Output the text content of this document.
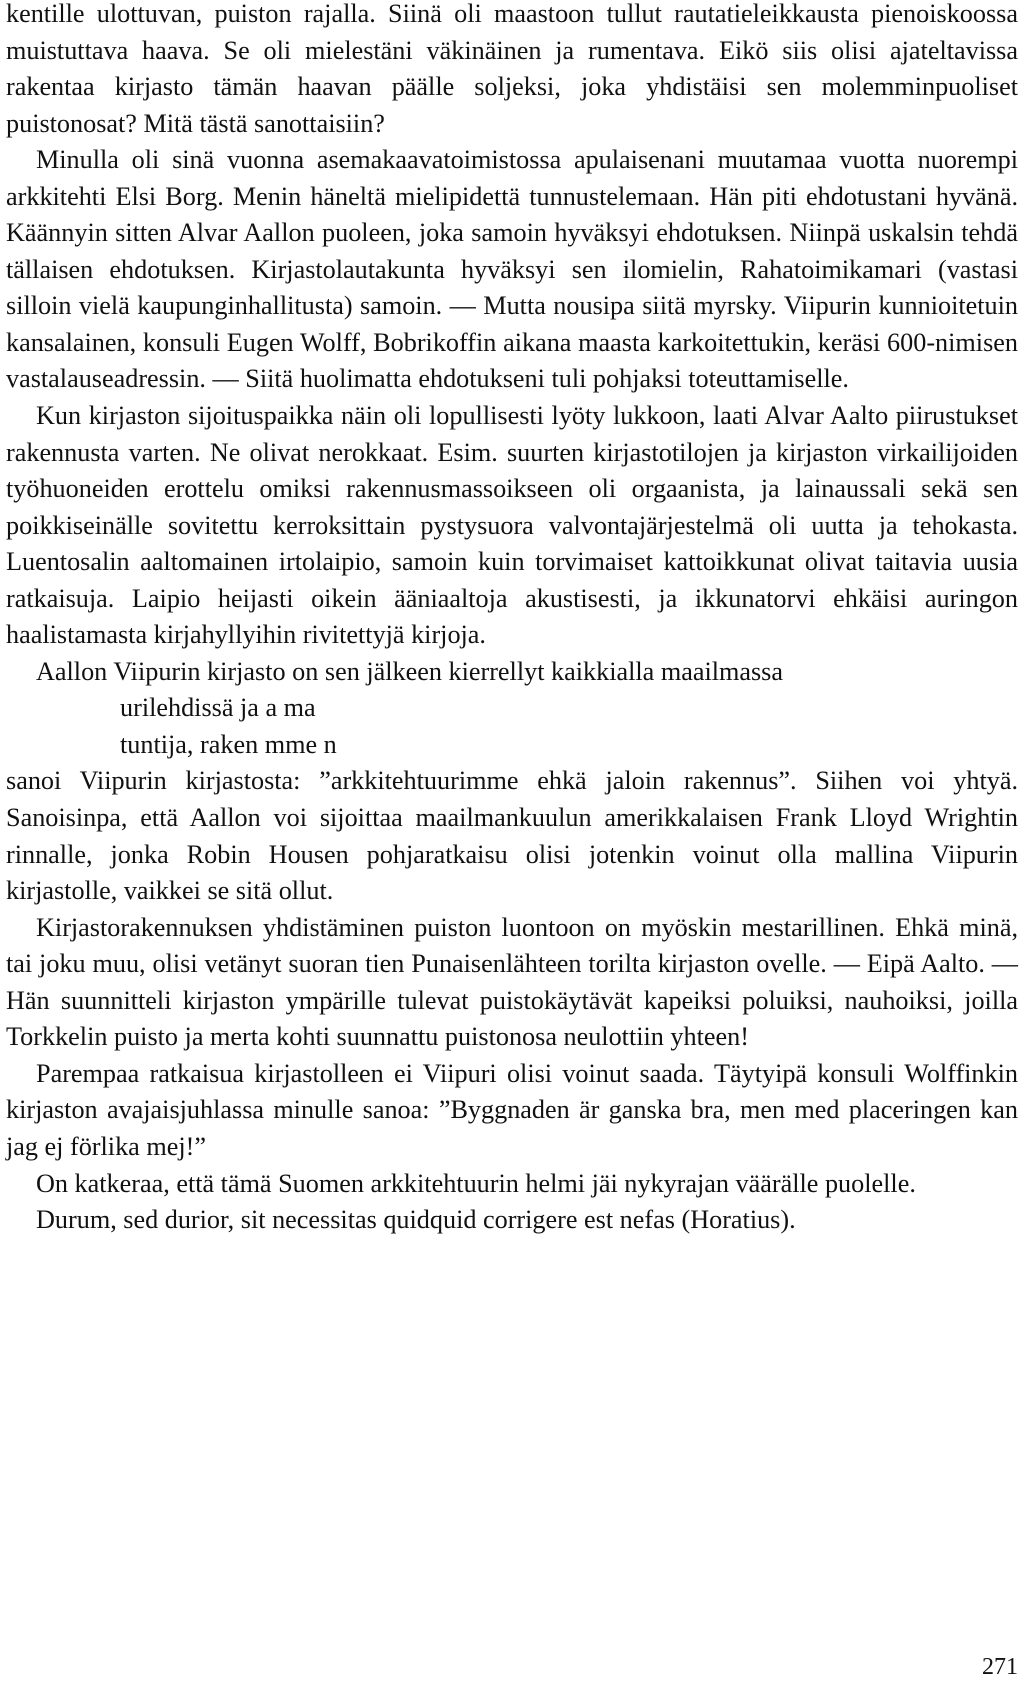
kentille ulottuvan, puiston rajalla. Siinä oli maastoon tullut rautatieleikkausta pienoiskoossa muistuttava haava. Se oli mielestäni väkinäinen ja rumentava. Eikö siis olisi ajateltavissa rakentaa kirjasto tämän haavan päälle soljeksi, joka yhdistäisi sen molemminpuoliset puistonosat? Mitä tästä sanottaisiin?

Minulla oli sinä vuonna asemakaavatoimistossa apulaisenani muutamaa vuotta nuorempi arkkitehti Elsi Borg. Menin häneltä mielipidettä tunnustelemaan. Hän piti ehdotustani hyvänä. Käännyin sitten Alvar Aallon puoleen, joka samoin hyväksyi ehdotuksen. Niinpä uskalsin tehdä tällaisen ehdotuksen. Kirjastolautakunta hyväksyi sen ilomielin, Rahatoimikamari (vastasi silloin vielä kaupunginhallitusta) samoin. — Mutta nousipa siitä myrsky. Viipurin kunnioitetuin kansalainen, konsuli Eugen Wolff, Bobrikoffin aikana maasta karkoitettukin, keräsi 600-nimisen vastalauseadressin. — Siitä huolimatta ehdotukseni tuli pohjaksi toteuttamiselle.

Kun kirjaston sijoituspaikka näin oli lopullisesti lyöty lukkoon, laati Alvar Aalto piirustukset rakennusta varten. Ne olivat nerokkaat. Esim. suurten kirjastotilojen ja kirjaston virkailijoiden työhuoneiden erottelu omiksi rakennusmassoikseen oli orgaanista, ja lainaussali sekä sen poikkiseinälle sovitettu kerroksittain pystysuora valvontajärjestelmä oli uutta ja tehokasta. Luentosalin aaltomainen irtolaipio, samoin kuin torvimaiset kattoikkunat olivat taitavia uusia ratkaisuja. Laipio heijasti oikein ääniaaltoja akustisesti, ja ikkunatorvi ehkäisi auringon haalistamasta kirjahyllyihin rivitettyjä kirjoja.

Aallon Viipurin kirjasto on sen jälkeen kierrellyt kaikkialla maailmassa

urilehdissä ja a ma

tuntija, raken mme n

sanoi Viipurin kirjastosta: ”arkkitehtuurimme ehkä jaloin rakennus”. Siihen voi yhtyä. Sanoisinpa, että Aallon voi sijoittaa maailmankuulun amerikkalaisen Frank Lloyd Wrightin rinnalle, jonka Robin Housen pohjaratkaisu olisi jotenkin voinut olla mallina Viipurin kirjastolle, vaikkei se sitä ollut.

Kirjastorakennuksen yhdistäminen puiston luontoon on myöskin mestarillinen. Ehkä minä, tai joku muu, olisi vetänyt suoran tien Punaisenlähteen torilta kirjaston ovelle. — Eipä Aalto. — Hän suunnitteli kirjaston ympärille tulevat puistokäytävät kapeiksi poluiksi, nauhoiksi, joilla Torkkelin puisto ja merta kohti suunnattu puistonosa neulottiin yhteen!

Parempaa ratkaisua kirjastolleen ei Viipuri olisi voinut saada. Täytyipä konsuli Wolffinkin kirjaston avajaisjuhlassa minulle sanoa: ”Byggnaden är ganska bra, men med placeringen kan jag ej förlika mej!”

On katkeraa, että tämä Suomen arkkitehtuurin helmi jäi nykyrajan väärälle puolelle.

Durum, sed durior, sit necessitas quidquid corrigere est nefas (Horatius).

271
